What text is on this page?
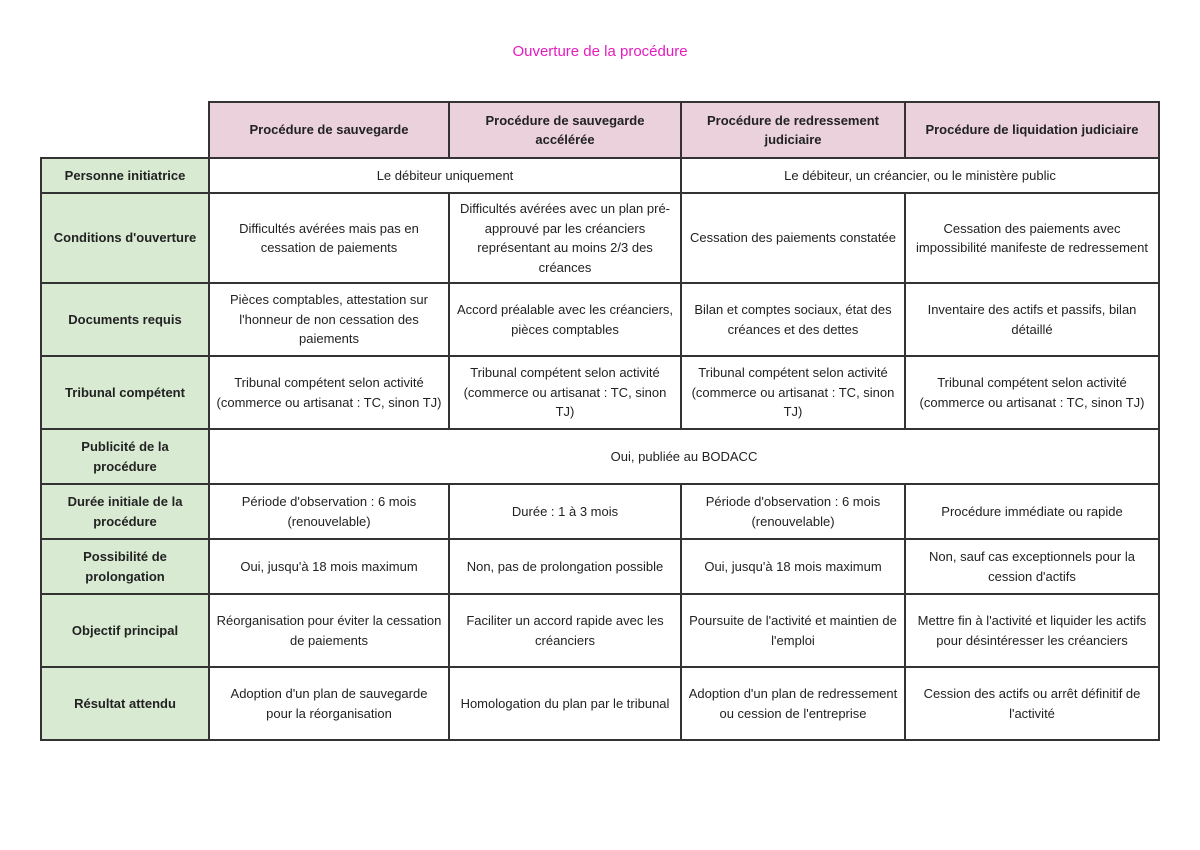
Ouverture de la procédure
	Procédure de sauvegarde	Procédure de sauvegarde accélérée	Procédure de redressement judiciaire	Procédure de liquidation judiciaire
Personne initiatrice	Le débiteur uniquement		Le débiteur, un créancier, ou le ministère public	
Conditions d'ouverture	Difficultés avérées mais pas en cessation de paiements	Difficultés avérées avec un plan pré-approuvé par les créanciers représentant au moins 2/3 des créances	Cessation des paiements constatée	Cessation des paiements avec impossibilité manifeste de redressement
Documents requis	Pièces comptables, attestation sur l'honneur de non cessation des paiements	Accord préalable avec les créanciers, pièces comptables	Bilan et comptes sociaux, état des créances et des dettes	Inventaire des actifs et passifs, bilan détaillé
Tribunal compétent	Tribunal compétent selon activité (commerce ou artisanat : TC, sinon TJ)	Tribunal compétent selon activité (commerce ou artisanat : TC, sinon TJ)	Tribunal compétent selon activité (commerce ou artisanat : TC, sinon TJ)	Tribunal compétent selon activité (commerce ou artisanat : TC, sinon TJ)
Publicité de la procédure	Oui, publiée au BODACC			
Durée initiale de la procédure	Période d'observation : 6 mois (renouvelable)	Durée : 1 à 3 mois	Période d'observation : 6 mois (renouvelable)	Procédure immédiate ou rapide
Possibilité de prolongation	Oui, jusqu'à 18 mois maximum	Non, pas de prolongation possible	Oui, jusqu'à 18 mois maximum	Non, sauf cas exceptionnels pour la cession d'actifs
Objectif principal	Réorganisation pour éviter la cessation de paiements	Faciliter un accord rapide avec les créanciers	Poursuite de l'activité et maintien de l'emploi	Mettre fin à l'activité et liquider les actifs pour désintéresser les créanciers
Résultat attendu	Adoption d'un plan de sauvegarde pour la réorganisation	Homologation du plan par le tribunal	Adoption d'un plan de redressement ou cession de l'entreprise	Cession des actifs ou arrêt définitif de l'activité
